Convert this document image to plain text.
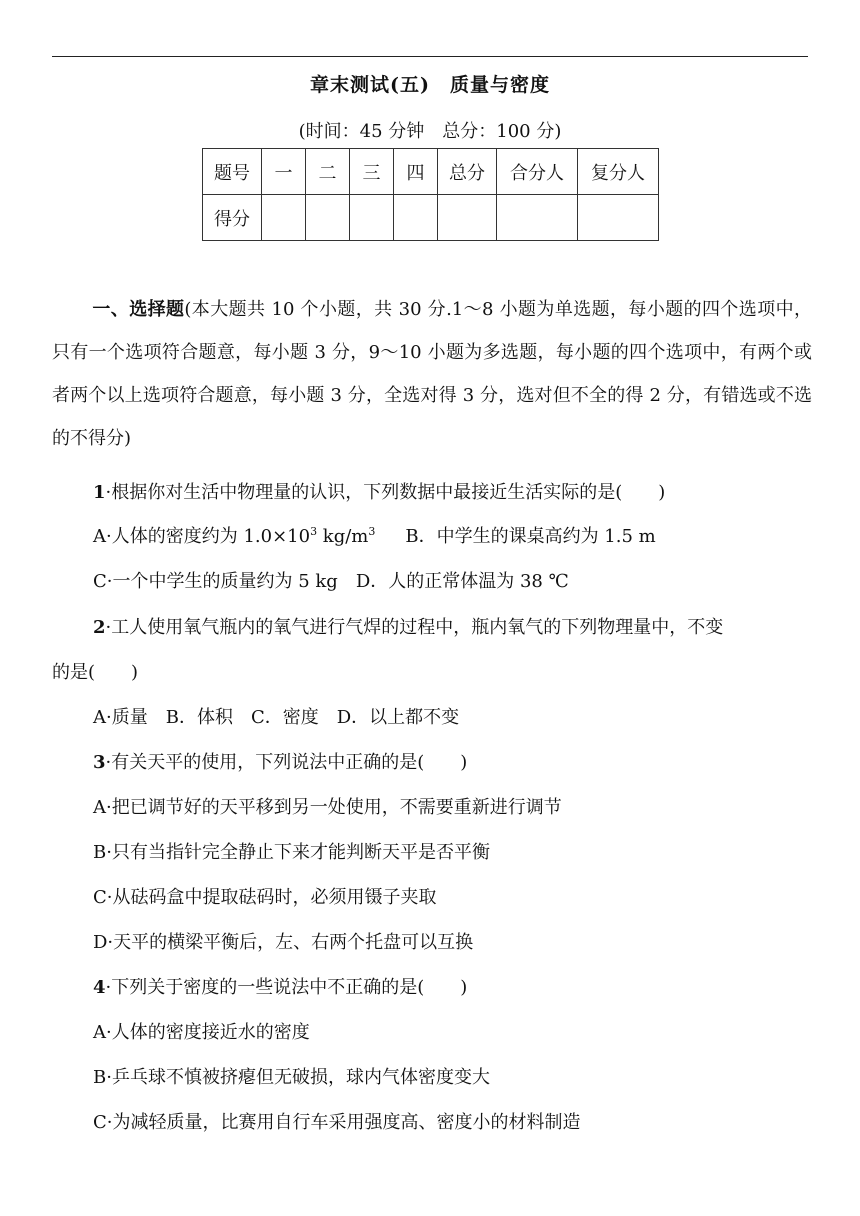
章末测试(五)　质量与密度
(时间：45 分钟　总分：100 分)
题号	一	二	三	四	总分	合分人	复分人
得分							
一、选择题(本大题共 10 个小题，共 30 分.1～8 小题为单选题，每小题的四个选项中，只有一个选项符合题意，每小题 3 分，9～10 小题为多选题，每小题的四个选项中，有两个或者两个以上选项符合题意，每小题 3 分，全选对得 3 分，选对但不全的得 2 分，有错选或不选的不得分)
1·根据你对生活中物理量的认识，下列数据中最接近生活实际的是(　　)
A·人体的密度约为 $1.0\times 10^3$ $kg/m^3$ B．中学生的课桌高约为 1.5 m
C·一个中学生的质量约为 5 kg　D．人的正常体温为 38 ℃
2·工人使用氧气瓶内的氧气进行气焊的过程中，瓶内氧气的下列物理量中，不变
的是(　　)
A·质量　B．体积　C．密度　D．以上都不变
3·有关天平的使用，下列说法中正确的是(　　)
A·把已调节好的天平移到另一处使用，不需要重新进行调节
B·只有当指针完全静止下来才能判断天平是否平衡
C·从砝码盒中提取砝码时，必须用镊子夹取
D·天平的横梁平衡后，左、右两个托盘可以互换
4·下列关于密度的一些说法中不正确的是(　　)
A·人体的密度接近水的密度
B·乒乓球不慎被挤瘪但无破损，球内气体密度变大
C·为减轻质量，比赛用自行车采用强度高、密度小的材料制造
